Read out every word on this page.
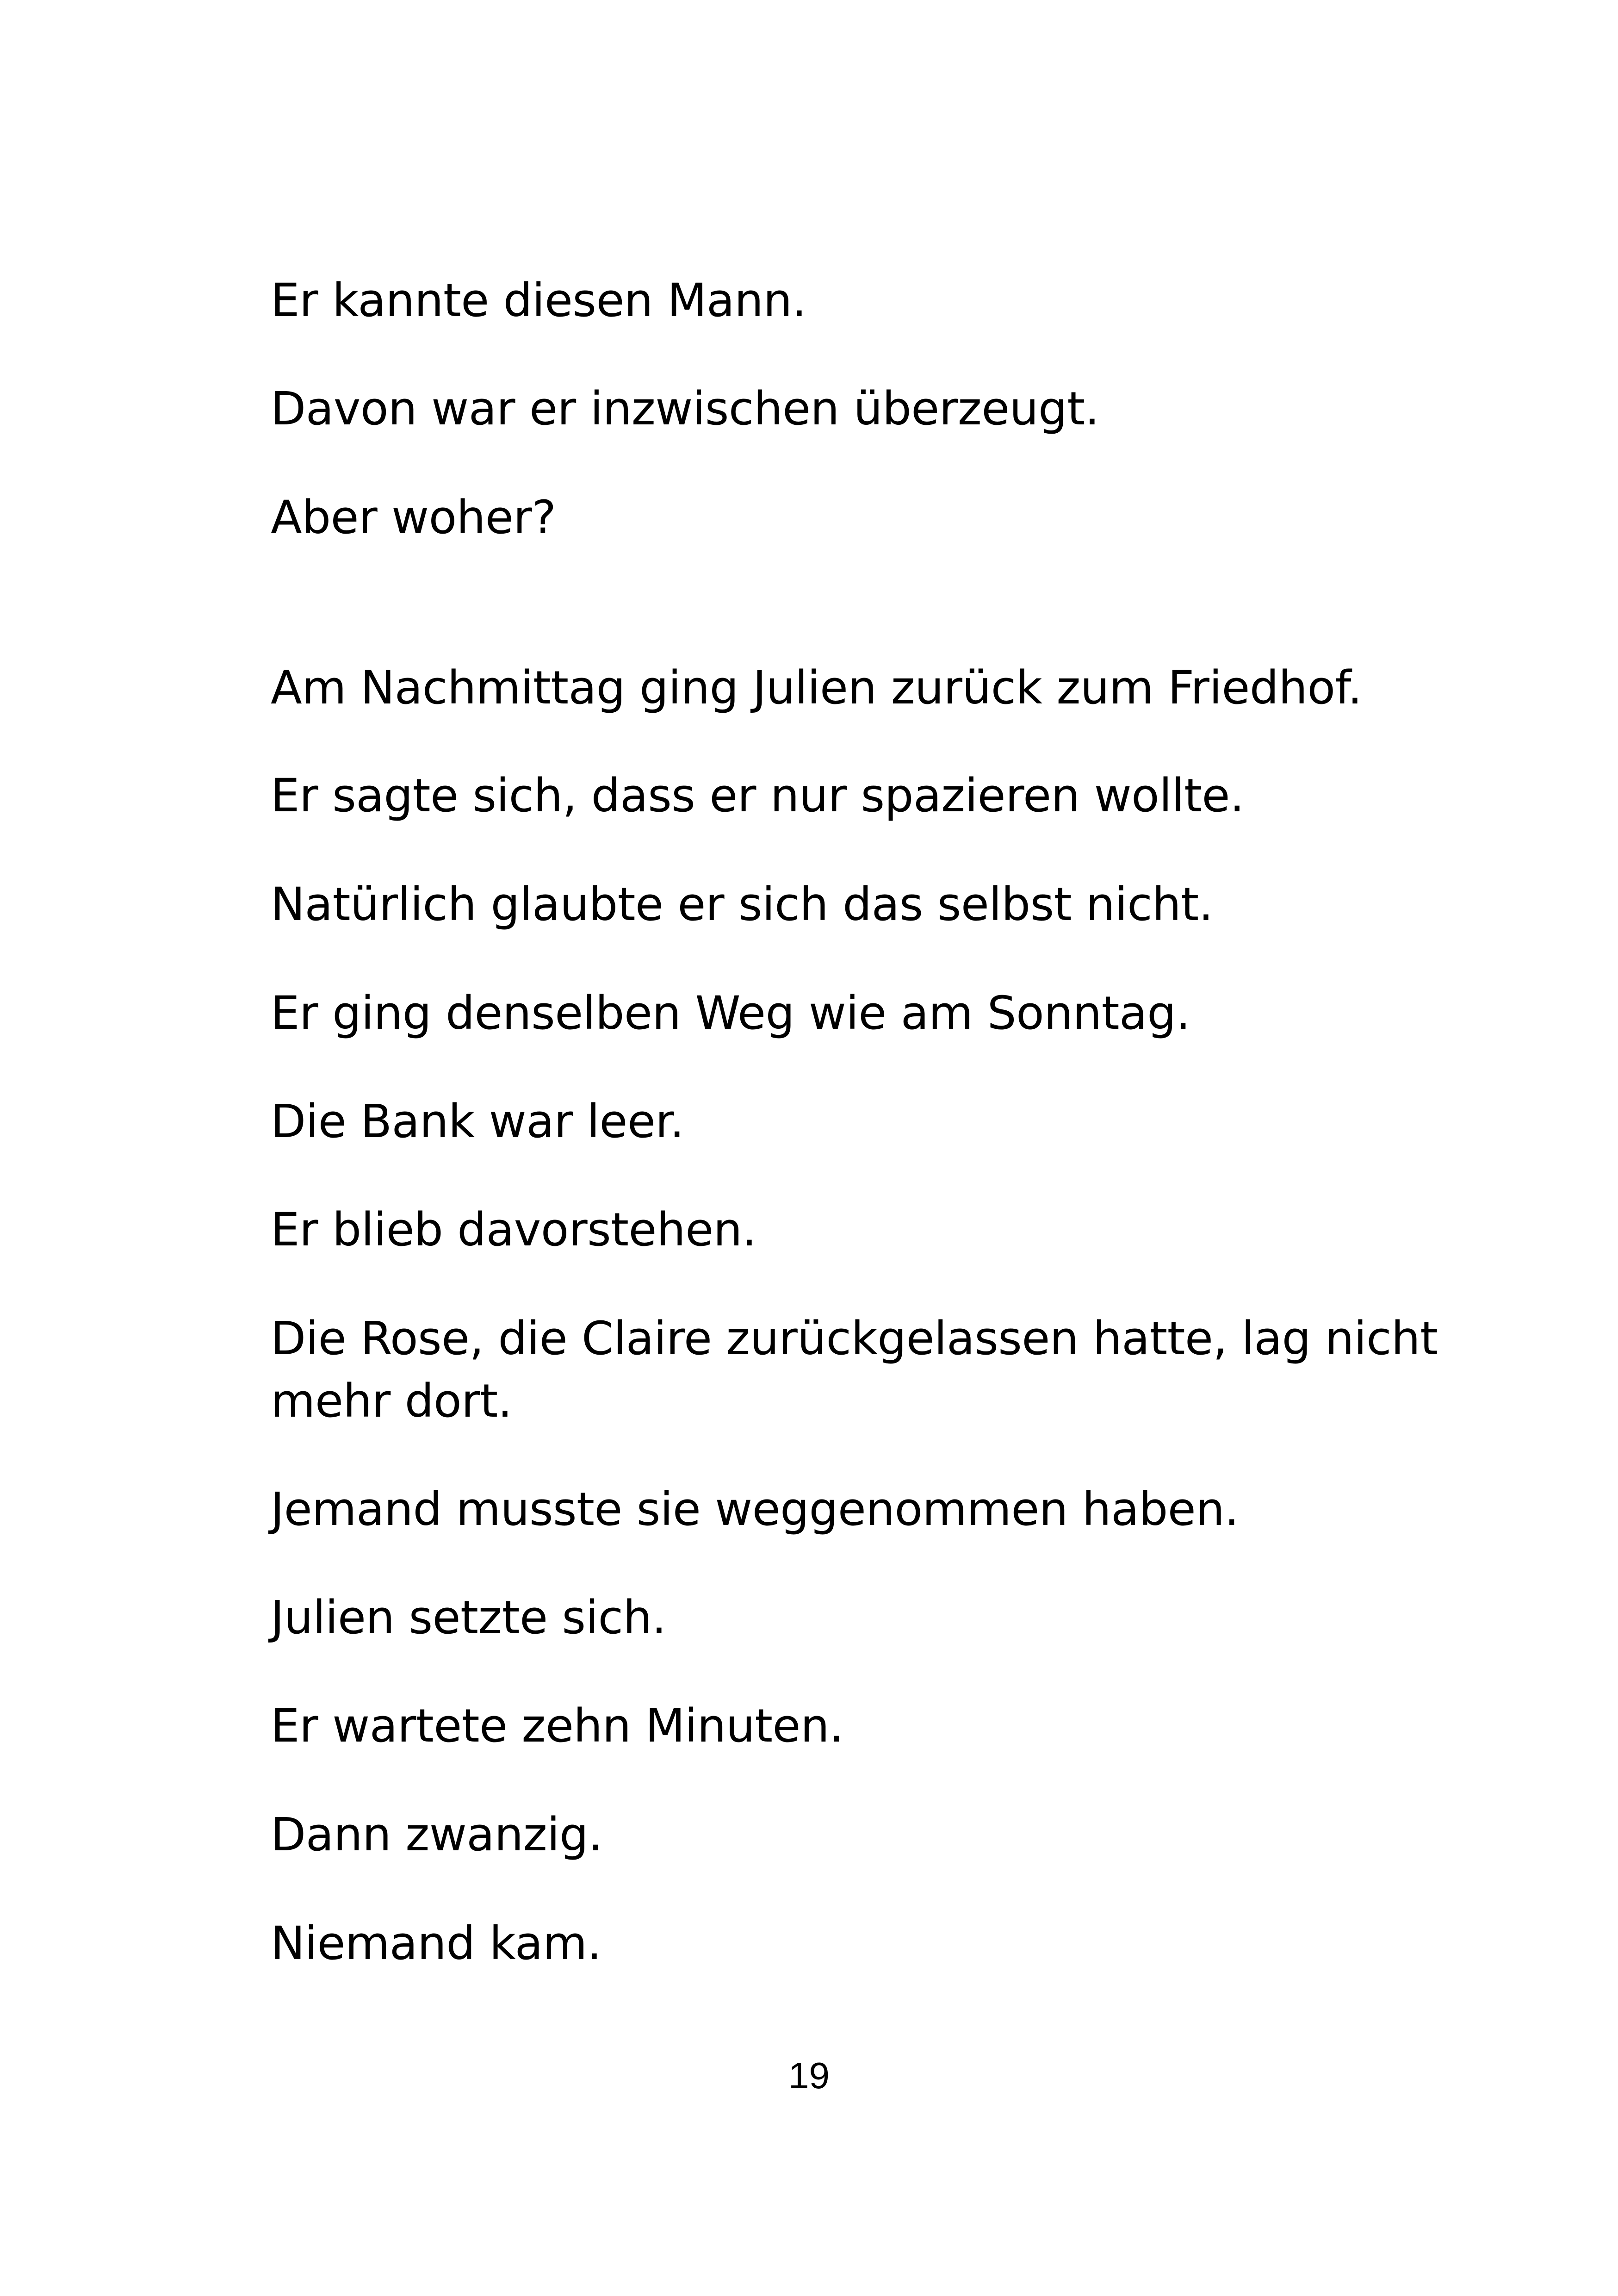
Er kannte diesen Mann.

Davon war er inzwischen überzeugt.

Aber woher?

Am Nachmittag ging Julien zurück zum Friedhof.

Er sagte sich, dass er nur spazieren wollte.

Natürlich glaubte er sich das selbst nicht.

Er ging denselben Weg wie am Sonntag.

Die Bank war leer.

Er blieb davorstehen.

Die Rose, die Claire zurückgelassen hatte, lag nicht

mehr dort.

Jemand musste sie weggenommen haben.

Julien setzte sich.

Er wartete zehn Minuten.

Dann zwanzig.

Niemand kam.

19
